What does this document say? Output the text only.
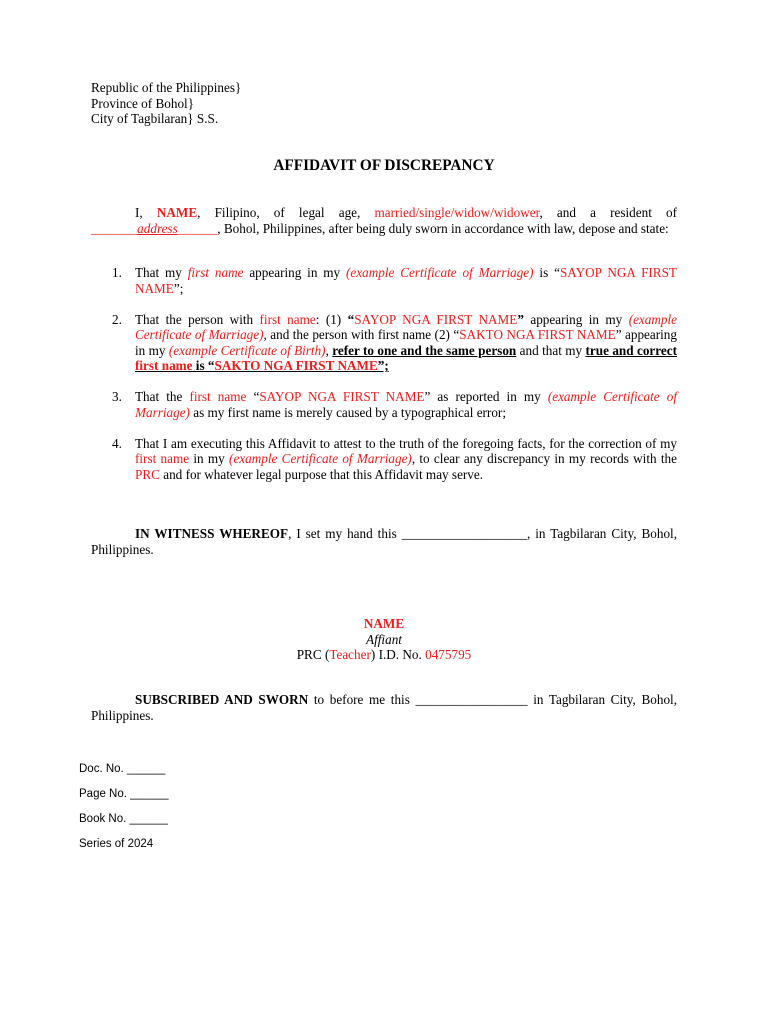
Republic of the Philippines}
Province of Bohol}
City of Tagbilaran} S.S.
AFFIDAVIT OF DISCREPANCY
I, NAME, Filipino, of legal age, married/single/widow/widower, and a resident of _______address______, Bohol, Philippines, after being duly sworn in accordance with law, depose and state:
1. That my first name appearing in my (example Certificate of Marriage) is “SAYOP NGA FIRST NAME”;
2. That the person with first name: (1) “SAYOP NGA FIRST NAME” appearing in my (example Certificate of Marriage), and the person with first name (2) “SAKTO NGA FIRST NAME” appearing in my (example Certificate of Birth), refer to one and the same person and that my true and correct first name is “SAKTO NGA FIRST NAME”;
3. That the first name “SAYOP NGA FIRST NAME” as reported in my (example Certificate of Marriage) as my first name is merely caused by a typographical error;
4. That I am executing this Affidavit to attest to the truth of the foregoing facts, for the correction of my first name in my (example Certificate of Marriage), to clear any discrepancy in my records with the PRC and for whatever legal purpose that this Affidavit may serve.
IN WITNESS WHEREOF, I set my hand this ___________________, in Tagbilaran City, Bohol, Philippines.
NAME
Affiant
PRC (Teacher) I.D. No. 0475795
SUBSCRIBED AND SWORN to before me this _________________ in Tagbilaran City, Bohol, Philippines.
Doc. No. ______
Page No. ______
Book No. ______
Series of 2024
